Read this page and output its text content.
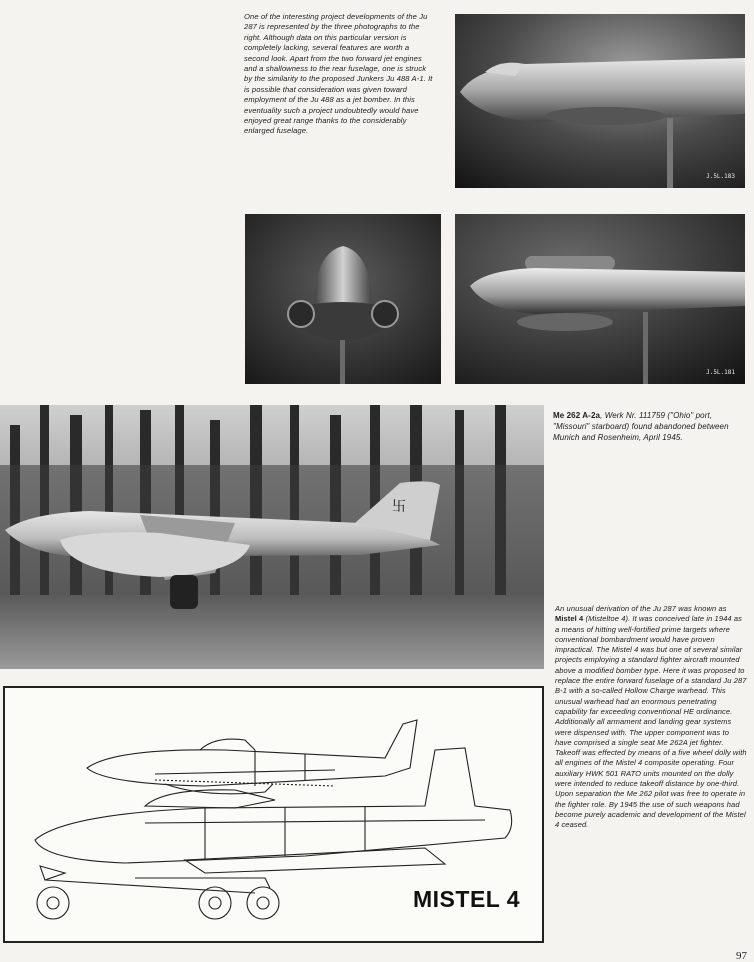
One of the interesting project developments of the Ju 287 is represented by the three photographs to the right. Although data on this particular version is completely lacking, several features are worth a second look. Apart from the two forward jet engines and a shallowness to the rear fuselage, one is struck by the similarity to the proposed Junkers Ju 488 A-1. It is possible that consideration was given toward employment of the Ju 488 as a jet bomber. In this eventuality such a project undoubtedly would have enjoyed great range thanks to the considerably enlarged fuselage.
J.5L.183
J.5L.181
Me 262 A-2a, Werk Nr. 111759 ("Ohio" port, "Missouri" starboard) found abandoned between Munich and Rosenheim, April 1945.
卐
MISTEL 4
An unusual derivation of the Ju 287 was known as Mistel 4 (Misteltoe 4). It was conceived late in 1944 as a means of hitting well-fortified prime targets where conventional bombardment would have proven impractical. The Mistel 4 was but one of several similar projects employing a standard fighter aircraft mounted above a modified bomber type. Here it was proposed to replace the entire forward fuselage of a standard Ju 287 B-1 with a so-called Hollow Charge warhead. This unusual warhead had an enormous penetrating capability far exceeding conventional HE ordinance. Additionally all armament and landing gear systems were dispensed with. The upper component was to have comprised a single seat Me 262A jet fighter. Takeoff was effected by means of a five wheel dolly with all engines of the Mistel 4 composite operating. Four auxiliary HWK 501 RATO units mounted on the dolly were intended to reduce takeoff distance by one-third. Upon separation the Me 262 pilot was free to operate in the fighter role. By 1945 the use of such weapons had become purely academic and development of the Mistel 4 ceased.
97
